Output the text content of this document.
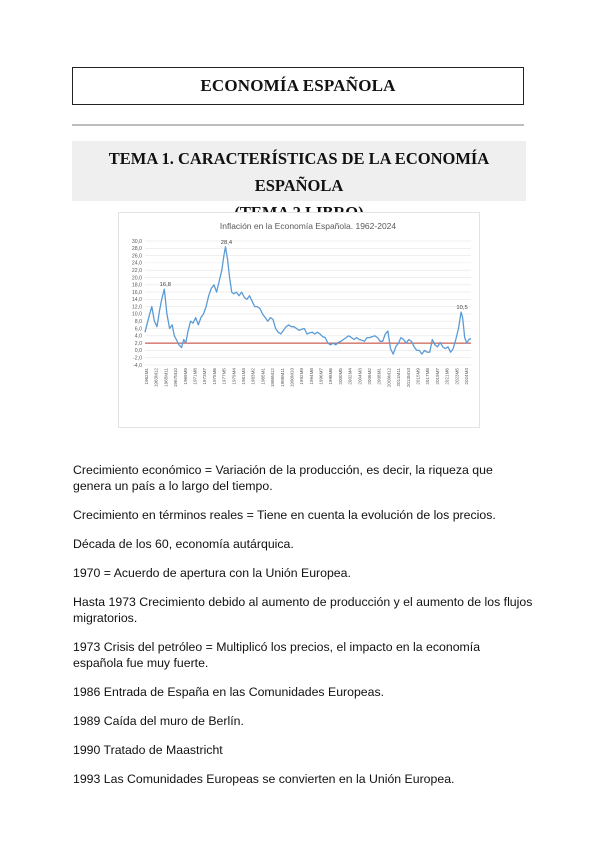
ECONOMÍA ESPAÑOLA
TEMA 1. CARACTERÍSTICAS DE LA ECONOMÍA ESPAÑOLA
Inflación en la Economía Española. 1962-2024
30,0
28,0
26,0
24,0
22,0
20,0
18,0
16,0
14,0
12,0
10,0
8,0
6,0
4,0
2,0
0,0
-2,0
-4,0
1962M1 1963M12 1965M11 1967M10 1969M9 1971M8 1973M7 1975M6 1977M5 1979M4 1981M3 1983M2 1985M1 1986M12 1988M11 1990M10 1992M9 1994M8 1996M7 1998M6 2000M5 2002M4 2004M3 2006M2 2008M1 2009M12 2011M11 2013M10 2015M9 2017M8 2019M7 2021M6 2023M5 2024M4
16,8
28,4
10,5

Crecimiento económico = Variación de la producción, es decir, la riqueza que genera un país a lo largo del tiempo.

Crecimiento en términos reales = Tiene en cuenta la evolución de los precios.

Década de los 60, economía autárquica.

1970 = Acuerdo de apertura con la Unión Europea.

Hasta 1973 Crecimiento debido al aumento de producción y el aumento de los flujos migratorios.

1973 Crisis del petróleo = Multiplicó los precios, el impacto en la economía española fue muy fuerte.

1986 Entrada de España en las Comunidades Europeas.

1989 Caída del muro de Berlín.

1990 Tratado de Maastricht

1993 Las Comunidades Europeas se convierten en la Unión Europea.
